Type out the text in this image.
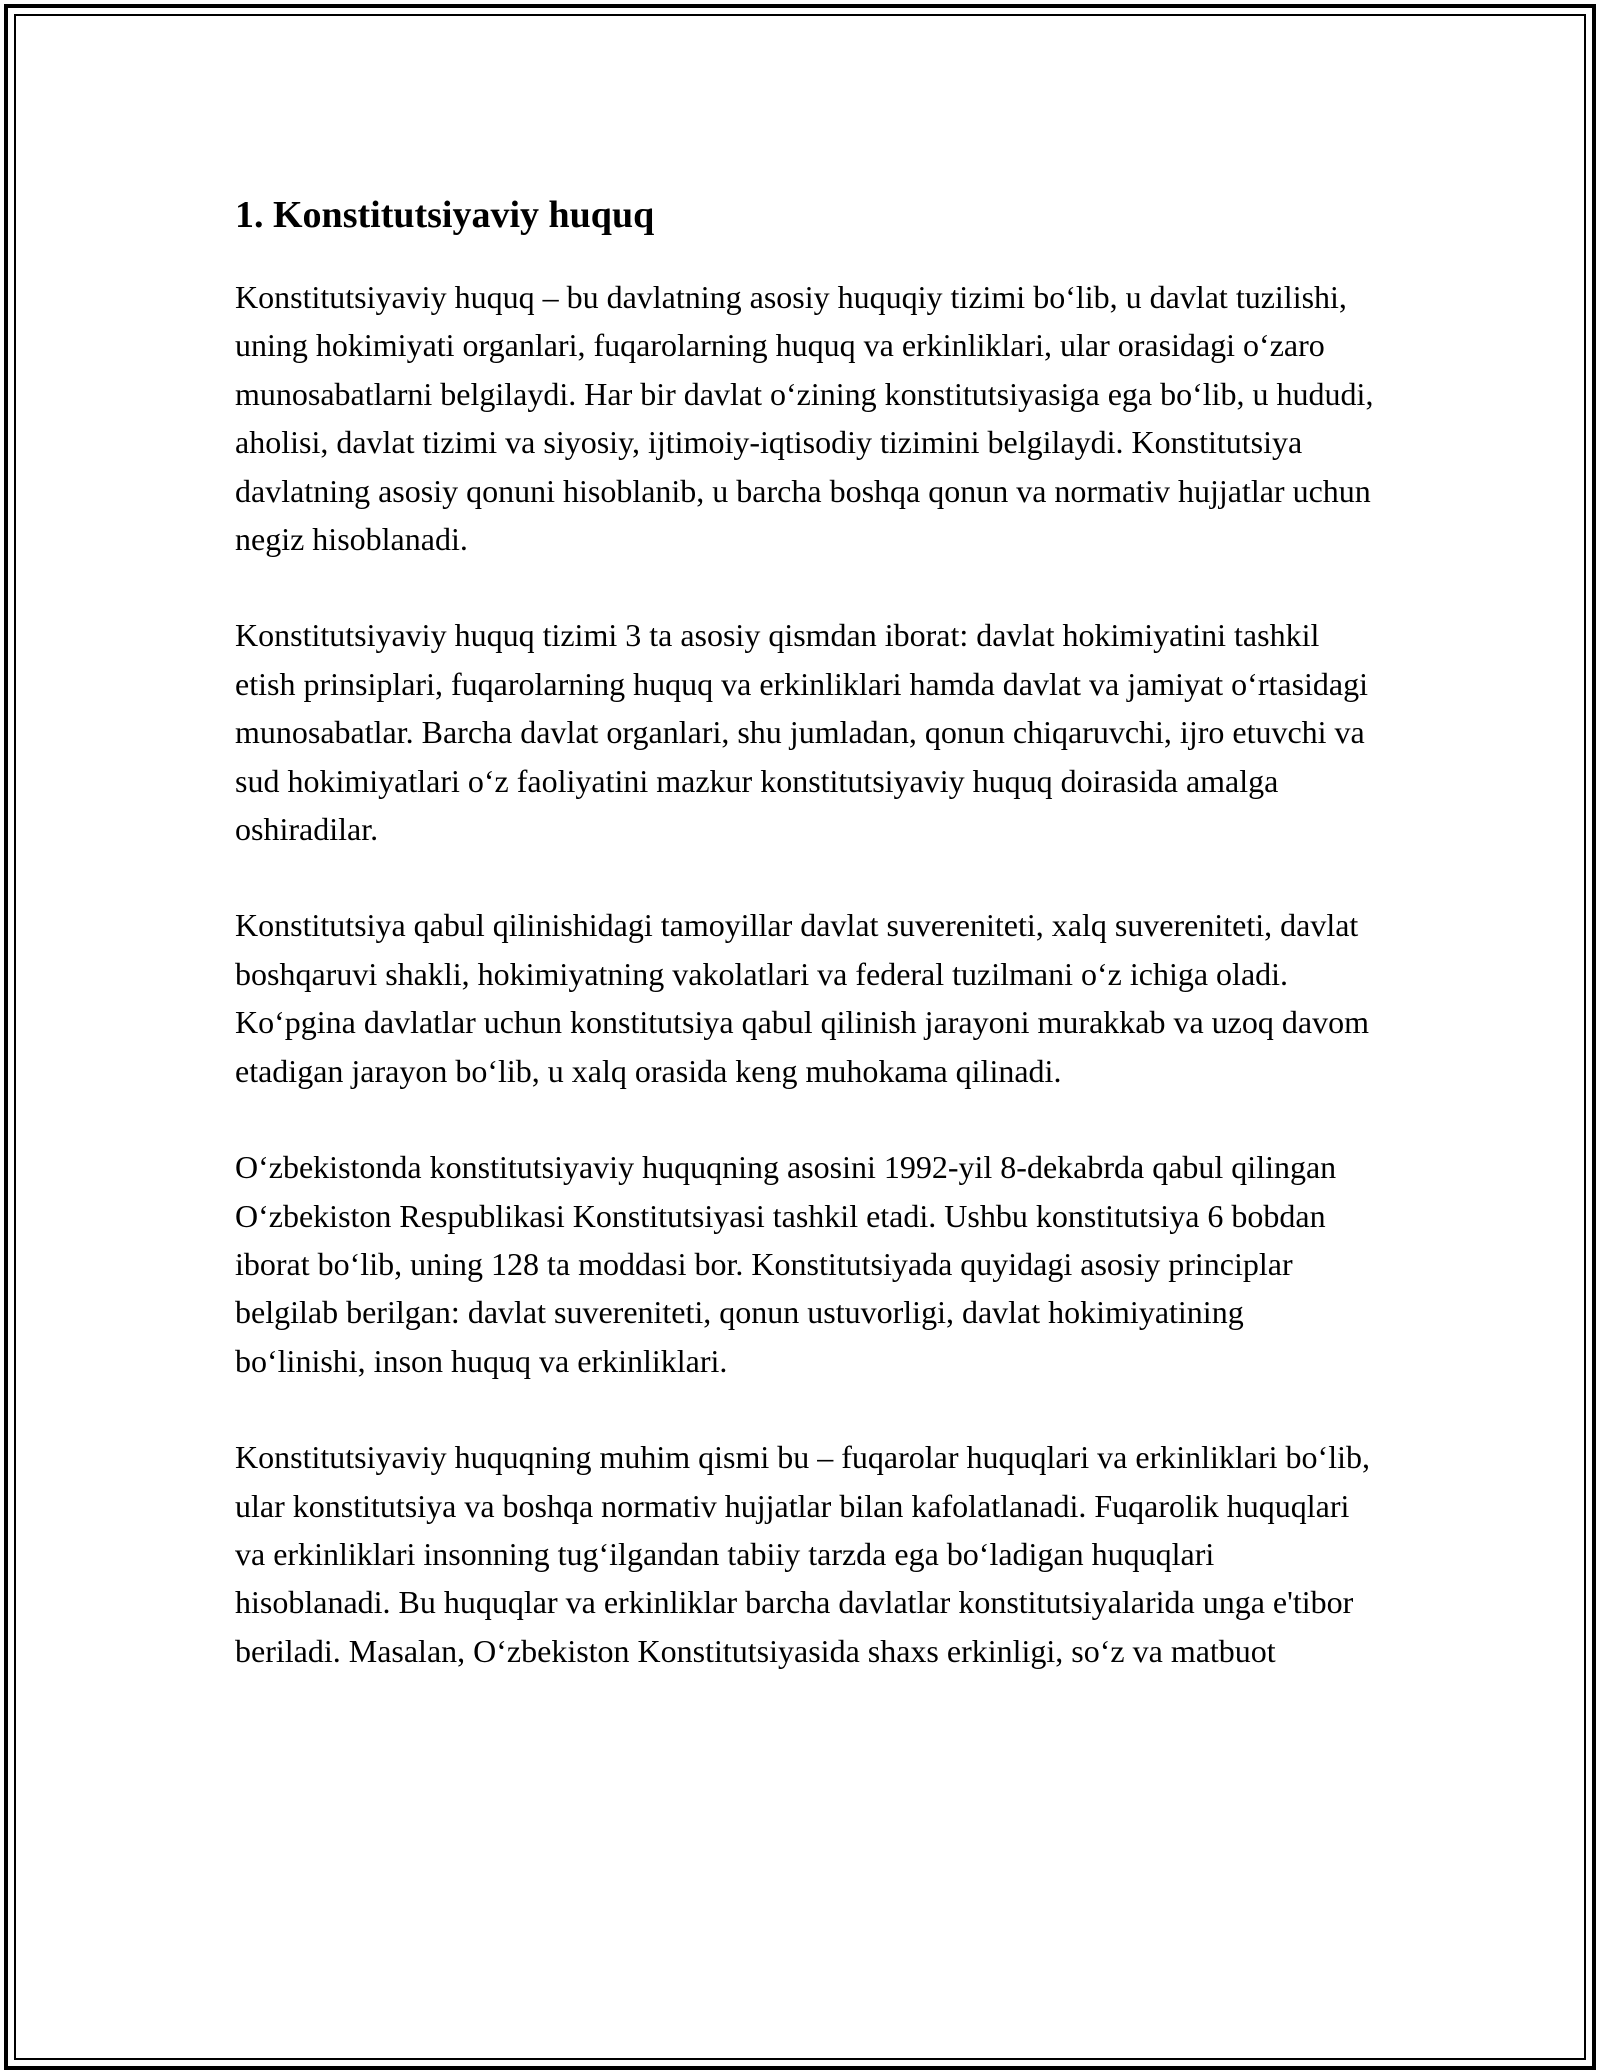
1. Konstitutsiyaviy huquq

Konstitutsiyaviy huquq – bu davlatning asosiy huquqiy tizimi bo‘lib, u davlat tuzilishi, uning hokimiyati organlari, fuqarolarning huquq va erkinliklari, ular orasidagi o‘zaro munosabatlarni belgilaydi. Har bir davlat o‘zining konstitutsiyasiga ega bo‘lib, u hududi, aholisi, davlat tizimi va siyosiy, ijtimoiy-iqtisodiy tizimini belgilaydi. Konstitutsiya davlatning asosiy qonuni hisoblanib, u barcha boshqa qonun va normativ hujjatlar uchun negiz hisoblanadi.

Konstitutsiyaviy huquq tizimi 3 ta asosiy qismdan iborat: davlat hokimiyatini tashkil etish prinsiplari, fuqarolarning huquq va erkinliklari hamda davlat va jamiyat o‘rtasidagi munosabatlar. Barcha davlat organlari, shu jumladan, qonun chiqaruvchi, ijro etuvchi va sud hokimiyatlari o‘z faoliyatini mazkur konstitutsiyaviy huquq doirasida amalga oshiradilar.

Konstitutsiya qabul qilinishidagi tamoyillar davlat suvereniteti, xalq suvereniteti, davlat boshqaruvi shakli, hokimiyatning vakolatlari va federal tuzilmani o‘z ichiga oladi. Ko‘pgina davlatlar uchun konstitutsiya qabul qilinish jarayoni murakkab va uzoq davom etadigan jarayon bo‘lib, u xalq orasida keng muhokama qilinadi.

O‘zbekistonda konstitutsiyaviy huquqning asosini 1992-yil 8-dekabrda qabul qilingan O‘zbekiston Respublikasi Konstitutsiyasi tashkil etadi. Ushbu konstitutsiya 6 bobdan iborat bo‘lib, uning 128 ta moddasi bor. Konstitutsiyada quyidagi asosiy principlar belgilab berilgan: davlat suvereniteti, qonun ustuvorligi, davlat hokimiyatining bo‘linishi, inson huquq va erkinliklari.

Konstitutsiyaviy huquqning muhim qismi bu – fuqarolar huquqlari va erkinliklari bo‘lib, ular konstitutsiya va boshqa normativ hujjatlar bilan kafolatlanadi. Fuqarolik huquqlari va erkinliklari insonning tug‘ilgandan tabiiy tarzda ega bo‘ladigan huquqlari hisoblanadi. Bu huquqlar va erkinliklar barcha davlatlar konstitutsiyalarida unga e'tibor beriladi. Masalan, O‘zbekiston Konstitutsiyasida shaxs erkinligi, so‘z va matbuot
